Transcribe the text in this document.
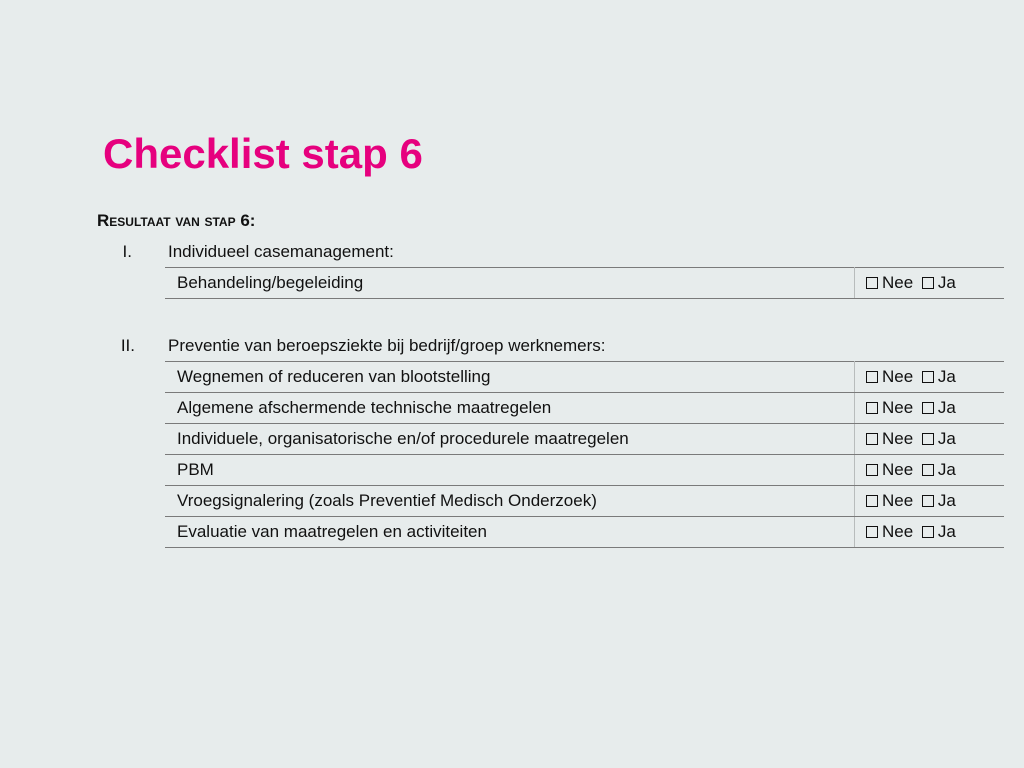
Checklist stap 6
Resultaat van stap 6:
I. Individueel casemanagement:
Behandeling/begeleiding	Nee Ja
II. Preventie van beroepsziekte bij bedrijf/groep werknemers:
Wegnemen of reduceren van blootstelling	Nee Ja
Algemene afschermende technische maatregelen	Nee Ja
Individuele, organisatorische en/of procedurele maatregelen	Nee Ja
PBM	Nee Ja
Vroegsignalering (zoals Preventief Medisch Onderzoek)	Nee Ja
Evaluatie van maatregelen en activiteiten	Nee Ja
